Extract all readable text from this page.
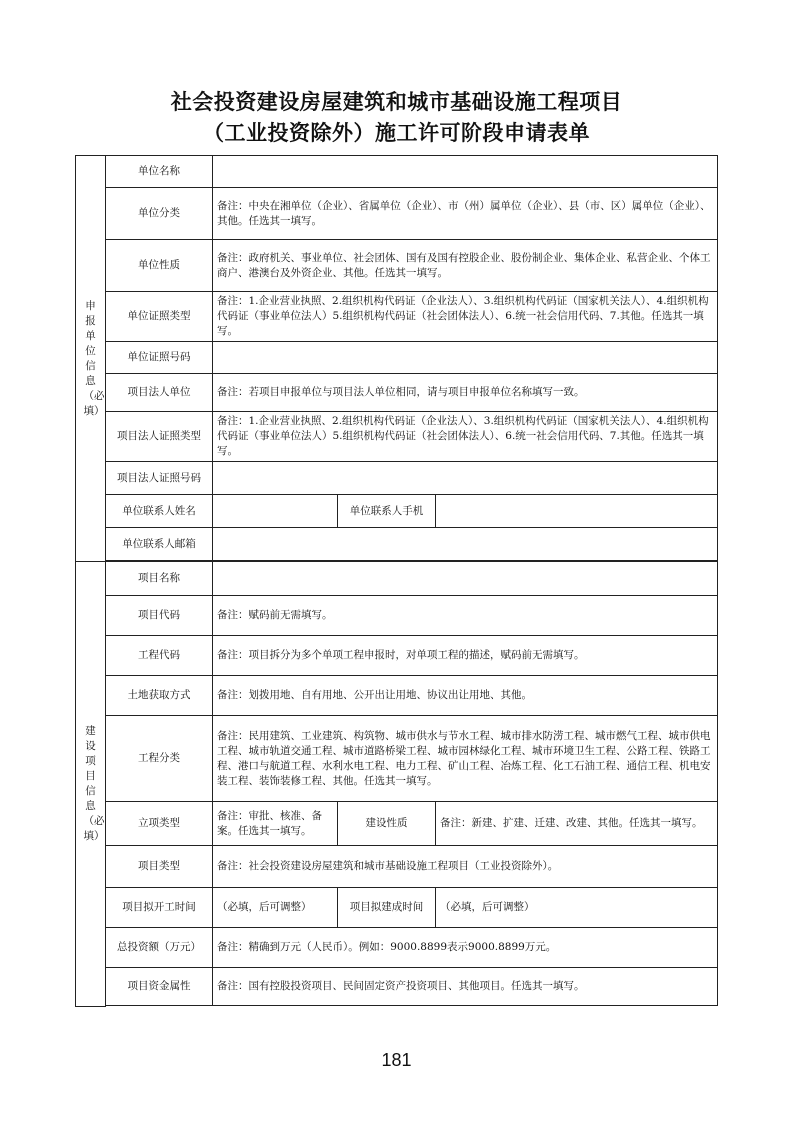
社会投资建设房屋建筑和城市基础设施工程项目
（工业投资除外）施工许可阶段申请表单
申报单位信息（必填）	单位名称			
	单位分类	备注：中央在湘单位（企业）、省属单位（企业）、市（州）属单位（企业）、县（市、区）属单位（企业）、其他。任选其一填写。		
	单位性质	备注：政府机关、事业单位、社会团体、国有及国有控股企业、股份制企业、集体企业、私营企业、个体工商户、港澳台及外资企业、其他。任选其一填写。		
	单位证照类型	备注：1.企业营业执照、2.组织机构代码证（企业法人）、3.组织机构代码证（国家机关法人）、4.组织机构代码证（事业单位法人）5.组织机构代码证（社会团体法人）、6.统一社会信用代码、7.其他。任选其一填写。		
	单位证照号码			
	项目法人单位	备注：若项目申报单位与项目法人单位相同，请与项目申报单位名称填写一致。		
	项目法人证照类型	备注：1.企业营业执照、2.组织机构代码证（企业法人）、3.组织机构代码证（国家机关法人）、4.组织机构代码证（事业单位法人）5.组织机构代码证（社会团体法人）、6.统一社会信用代码、7.其他。任选其一填写。		
	项目法人证照号码			
	单位联系人姓名		单位联系人手机	
	单位联系人邮箱			

建设项目信息（必填）	项目名称			
	项目代码	备注：赋码前无需填写。		
	工程代码	备注：项目拆分为多个单项工程申报时，对单项工程的描述，赋码前无需填写。		
	土地获取方式	备注：划拨用地、自有用地、公开出让用地、协议出让用地、其他。		
	工程分类	备注：民用建筑、工业建筑、构筑物、城市供水与节水工程、城市排水防涝工程、城市燃气工程、城市供电工程、城市轨道交通工程、城市道路桥梁工程、城市园林绿化工程、城市环境卫生工程、公路工程、铁路工程、港口与航道工程、水利水电工程、电力工程、矿山工程、冶炼工程、化工石油工程、通信工程、机电安装工程、装饰装修工程、其他。任选其一填写。		
	立项类型	备注：审批、核准、备案。任选其一填写。	建设性质	备注：新建、扩建、迁建、改建、其他。任选其一填写。
	项目类型	备注：社会投资建设房屋建筑和城市基础设施工程项目（工业投资除外）。		
	项目拟开工时间	（必填，后可调整）	项目拟建成时间	（必填，后可调整）
	总投资额（万元）	备注：精确到万元（人民币）。例如：9000.8899表示9000.8899万元。		
	项目资金属性	备注：国有控股投资项目、民间固定资产投资项目、其他项目。任选其一填写。		

181
